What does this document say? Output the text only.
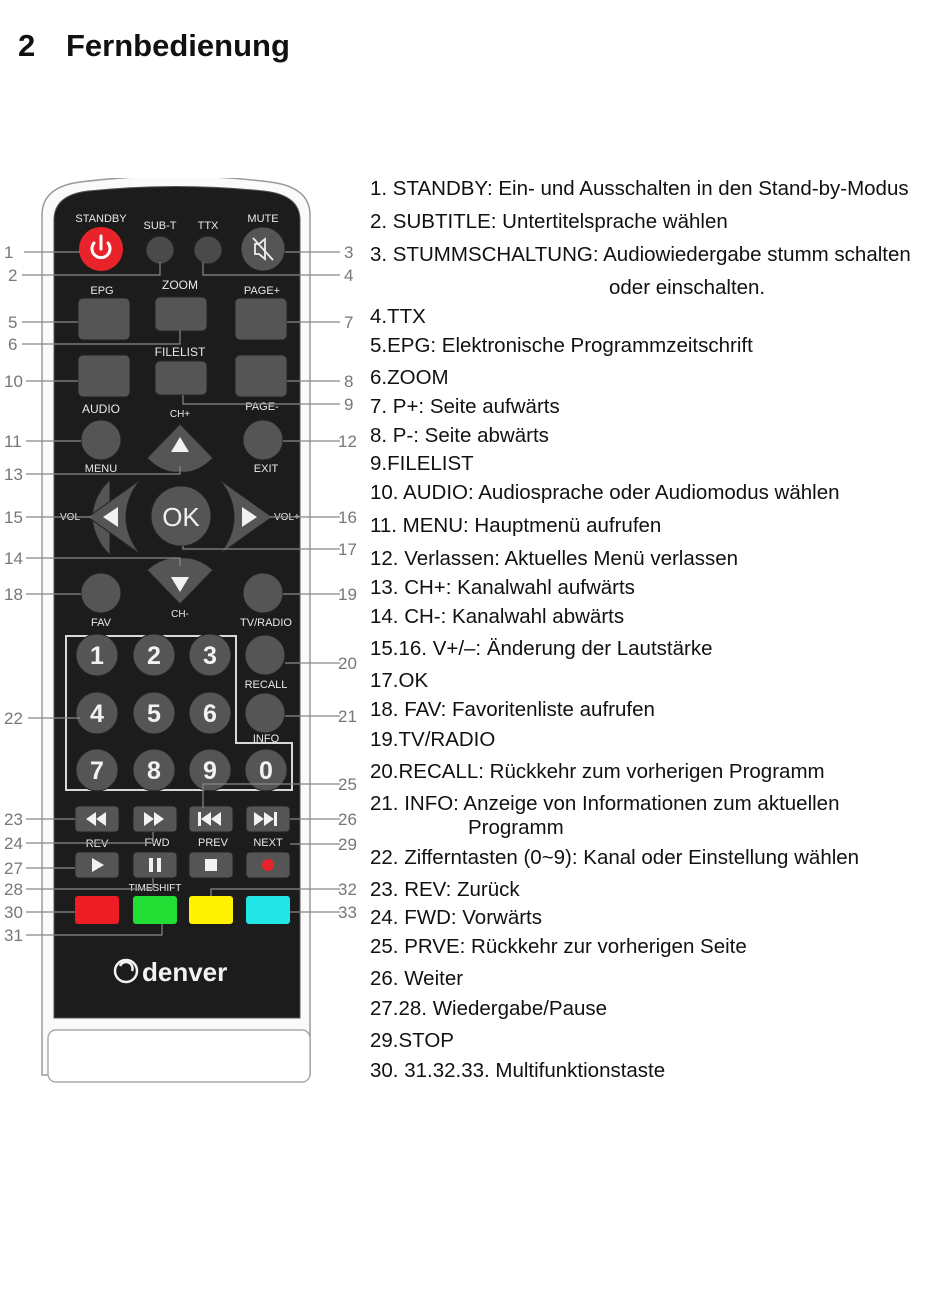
2 Fernbedienung
STANDBY
SUB-T TTX
MUTE
EPG	ZOOM	PAGE+
FILELIST
PAGE-
AUDIO
MENU	EXIT
OK
CH+
CH-
VOL-	VOL+
FAV	TV/RADIO
1 2 3
4 5 6
7 8 9 0
RECALL
INFO
REV	FWD	PREV NEXT
TIMESHIFT
denver
1
2
3
4
5
6
7
8
9
10
11	12
13
14
15	16
17
18	19
20
21
22
23
24
25
26
27
28
29
30
31
32
33
1. STANDBY: Ein- und Ausschalten in den Stand-by-Modus
2. SUBTITLE: Untertitelsprache wählen
3. STUMMSCHALTUNG: Audiowiedergabe stumm schalten
oder einschalten.
4.TTX
5.EPG: Elektronische Programmzeitschrift
6.ZOOM
7. P+: Seite aufwärts
8. P-: Seite abwärts
9.FILELIST
10. AUDIO: Audiosprache oder Audiomodus wählen
11. MENU: Hauptmenü aufrufen
12. Verlassen: Aktuelles Menü verlassen
13. CH+: Kanalwahl aufwärts
14. CH-: Kanalwahl abwärts
15.16. V+/–: Änderung der Lautstärke
17.OK
18. FAV: Favoritenliste aufrufen
19.TV/RADIO
20.RECALL: Rückkehr zum vorherigen Programm
21. INFO: Anzeige von Informationen zum aktuellen
Programm
22. Zifferntasten (0~9): Kanal oder Einstellung wählen
23. REV: Zurück
24. FWD: Vorwärts
25. PRVE: Rückkehr zur vorherigen Seite
26. Weiter
27.28. Wiedergabe/Pause
29.STOP
30. 31.32.33. Multifunktionstaste
